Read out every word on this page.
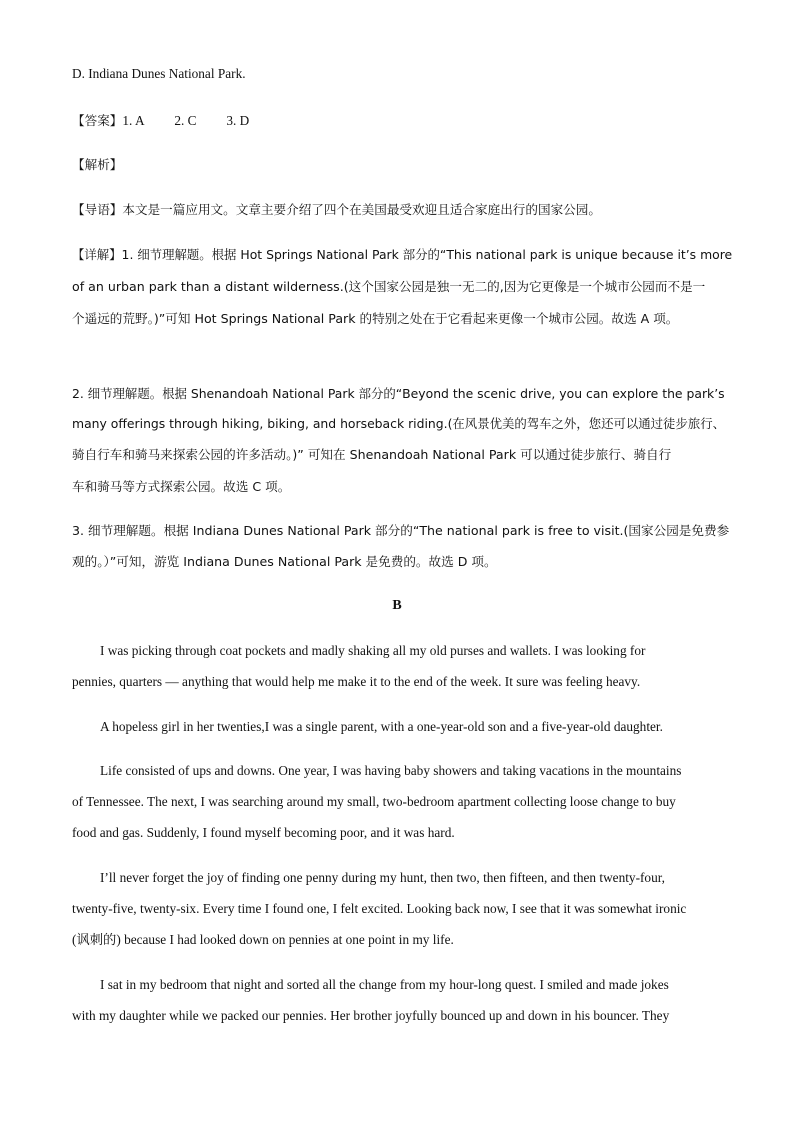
D. Indiana Dunes National Park.
【答案】1. A 2. C 3. D
【解析】
【导语】本文是一篇应用文。文章主要介绍了四个在美国最受欢迎且适合家庭出行的国家公园。
【详解】1. 细节理解题。根据 Hot Springs National Park 部分的“This national park is unique because it’s more
of an urban park than a distant wilderness.(这个国家公园是独一无二的,因为它更像是一个城市公园而不是一
个遥远的荒野。)”可知 Hot Springs National Park 的特别之处在于它看起来更像一个城市公园。故选 A 项。
2. 细节理解题。根据 Shenandoah National Park 部分的“Beyond the scenic drive, you can explore the park’s
many offerings through hiking, biking, and horseback riding.(在风景优美的驾车之外，您还可以通过徒步旅行、
骑自行车和骑马来探索公园的许多活动。)” 可知在 Shenandoah National Park 可以通过徒步旅行、骑自行
车和骑马等方式探索公园。故选 C 项。
3. 细节理解题。根据 Indiana Dunes National Park 部分的“The national park is free to visit.(国家公园是免费参
观的。）”可知，游览 Indiana Dunes National Park 是免费的。故选 D 项。
B
I was picking through coat pockets and madly shaking all my old purses and wallets. I was looking for
pennies, quarters — anything that would help me make it to the end of the week. It sure was feeling heavy.
A hopeless girl in her twenties,I was a single parent, with a one-year-old son and a five-year-old daughter.
Life consisted of ups and downs. One year, I was having baby showers and taking vacations in the mountains
of Tennessee. The next, I was searching around my small, two-bedroom apartment collecting loose change to buy
food and gas. Suddenly, I found myself becoming poor, and it was hard.
I’ll never forget the joy of finding one penny during my hunt, then two, then fifteen, and then twenty-four,
twenty-five, twenty-six. Every time I found one, I felt excited. Looking back now, I see that it was somewhat ironic
(讽刺的) because I had looked down on pennies at one point in my life.
I sat in my bedroom that night and sorted all the change from my hour-long quest. I smiled and made jokes
with my daughter while we packed our pennies. Her brother joyfully bounced up and down in his bouncer. They
